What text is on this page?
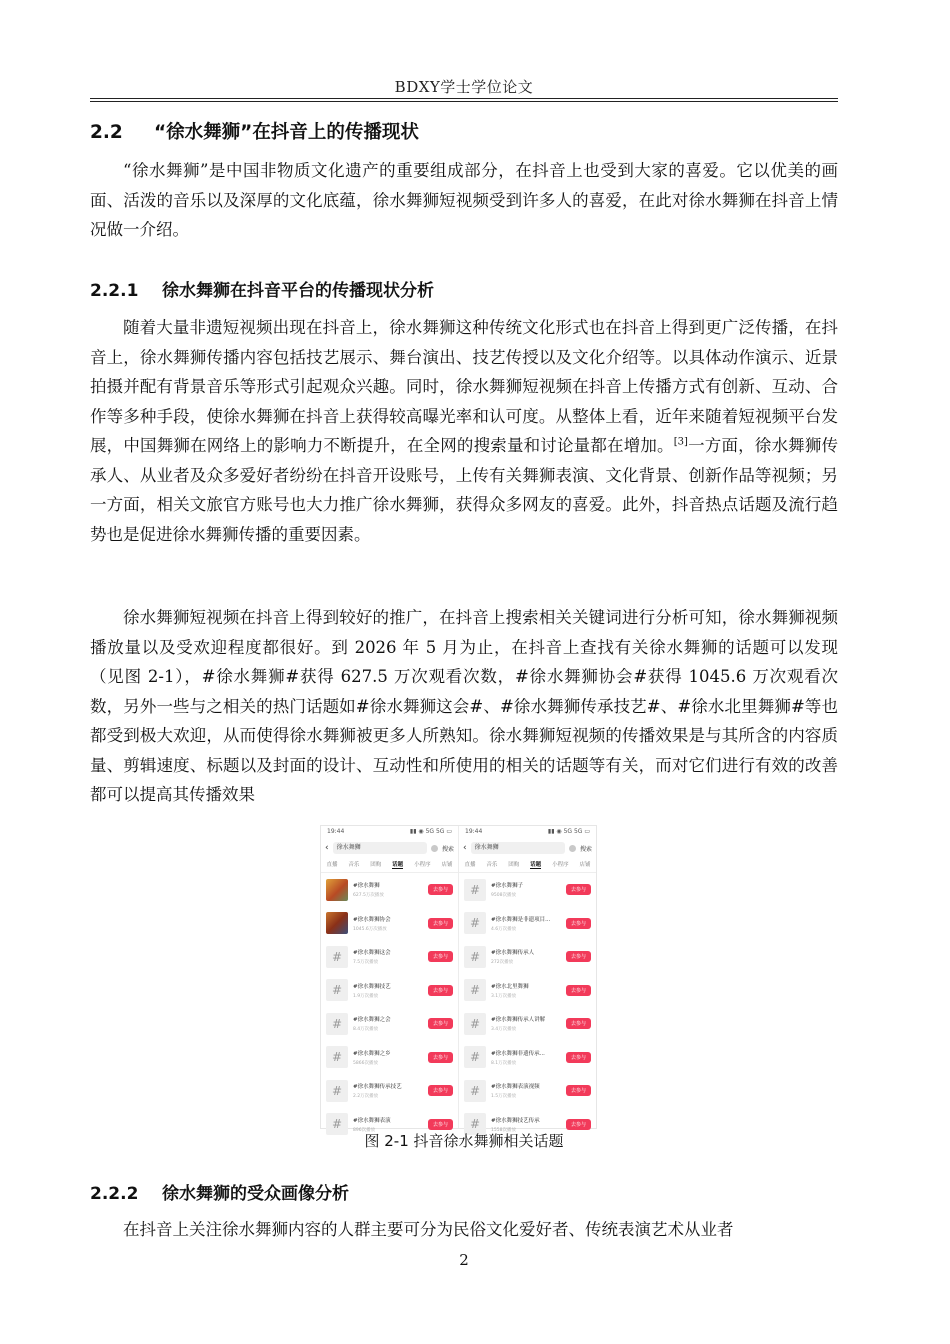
BDXY学士学位论文
2.2 “徐水舞狮”在抖音上的传播现状

“徐水舞狮”是中国非物质文化遗产的重要组成部分，在抖音上也受到大家的喜爱。它以优美的画面、活泼的音乐以及深厚的文化底蕴，徐水舞狮短视频受到许多人的喜爱，在此对徐水舞狮在抖音上情况做一介绍。

2.2.1 徐水舞狮在抖音平台的传播现状分析

随着大量非遗短视频出现在抖音上，徐水舞狮这种传统文化形式也在抖音上得到更广泛传播，在抖音上，徐水舞狮传播内容包括技艺展示、舞台演出、技艺传授以及文化介绍等。以具体动作演示、近景拍摄并配有背景音乐等形式引起观众兴趣。同时，徐水舞狮短视频在抖音上传播方式有创新、互动、合作等多种手段，使徐水舞狮在抖音上获得较高曝光率和认可度。从整体上看，近年来随着短视频平台发展，中国舞狮在网络上的影响力不断提升，在全网的搜索量和讨论量都在增加。[3]一方面，徐水舞狮传承人、从业者及众多爱好者纷纷在抖音开设账号，上传有关舞狮表演、文化背景、创新作品等视频；另一方面，相关文旅官方账号也大力推广徐水舞狮，获得众多网友的喜爱。此外，抖音热点话题及流行趋势也是促进徐水舞狮传播的重要因素。

徐水舞狮短视频在抖音上得到较好的推广，在抖音上搜索相关关键词进行分析可知，徐水舞狮视频播放量以及受欢迎程度都很好。到 2026 年 5 月为止，在抖音上查找有关徐水舞狮的话题可以发现（见图 2-1），#徐水舞狮#获得 627.5 万次观看次数，#徐水舞狮协会#获得 1045.6 万次观看次数，另外一些与之相关的热门话题如#徐水舞狮这会#、#徐水舞狮传承技艺#、#徐水北里舞狮#等也都受到极大欢迎，从而使得徐水舞狮被更多人所熟知。徐水舞狮短视频的传播效果是与其所含的内容质量、剪辑速度、标题以及封面的设计、互动性和所使用的相关的话题等有关，而对它们进行有效的改善都可以提高其传播效果

19:44	▮▮ ◉ 5G 5G ▭
‹	徐水舞狮	搜索
直播 音乐 团购 话题 小程序 店铺
#徐水舞狮
627.5万次播放
去参与
#徐水舞狮协会
1045.6万次播放
去参与
#	#徐水舞狮这会
7.5万次播放
去参与
#	#徐水舞狮技艺
1.9万次播放
去参与
#	#徐水舞狮之会
8.4万次播放
去参与
#	#徐水舞狮之乡
5866次播放
去参与
#	#徐水舞狮传承技艺
2.2万次播放
去参与
#	#徐水舞狮表演
896次播放
去参与
19:44	▮▮ ◉ 5G 5G ▭
‹	徐水舞狮	搜索
直播 音乐 团购 话题 小程序 店铺
#	#徐水舞狮子
9508次播放
去参与
#	#徐水舞狮是非遗项目...
4.6万次播放
去参与
#	#徐水舞狮传承人
272次播放
去参与
#	#徐水北里舞狮
3.1万次播放
去参与
#	#徐水舞狮传承人讲解
3.4万次播放
去参与
#	#徐水舞狮非遗传承...
8.1万次播放
去参与
#	#徐水舞狮表演视频
1.5万次播放
去参与
#	#徐水舞狮技艺传承
1558次播放
去参与
图 2-1 抖音徐水舞狮相关话题
2.2.2 徐水舞狮的受众画像分析

在抖音上关注徐水舞狮内容的人群主要可分为民俗文化爱好者、传统表演艺术从业者

2
